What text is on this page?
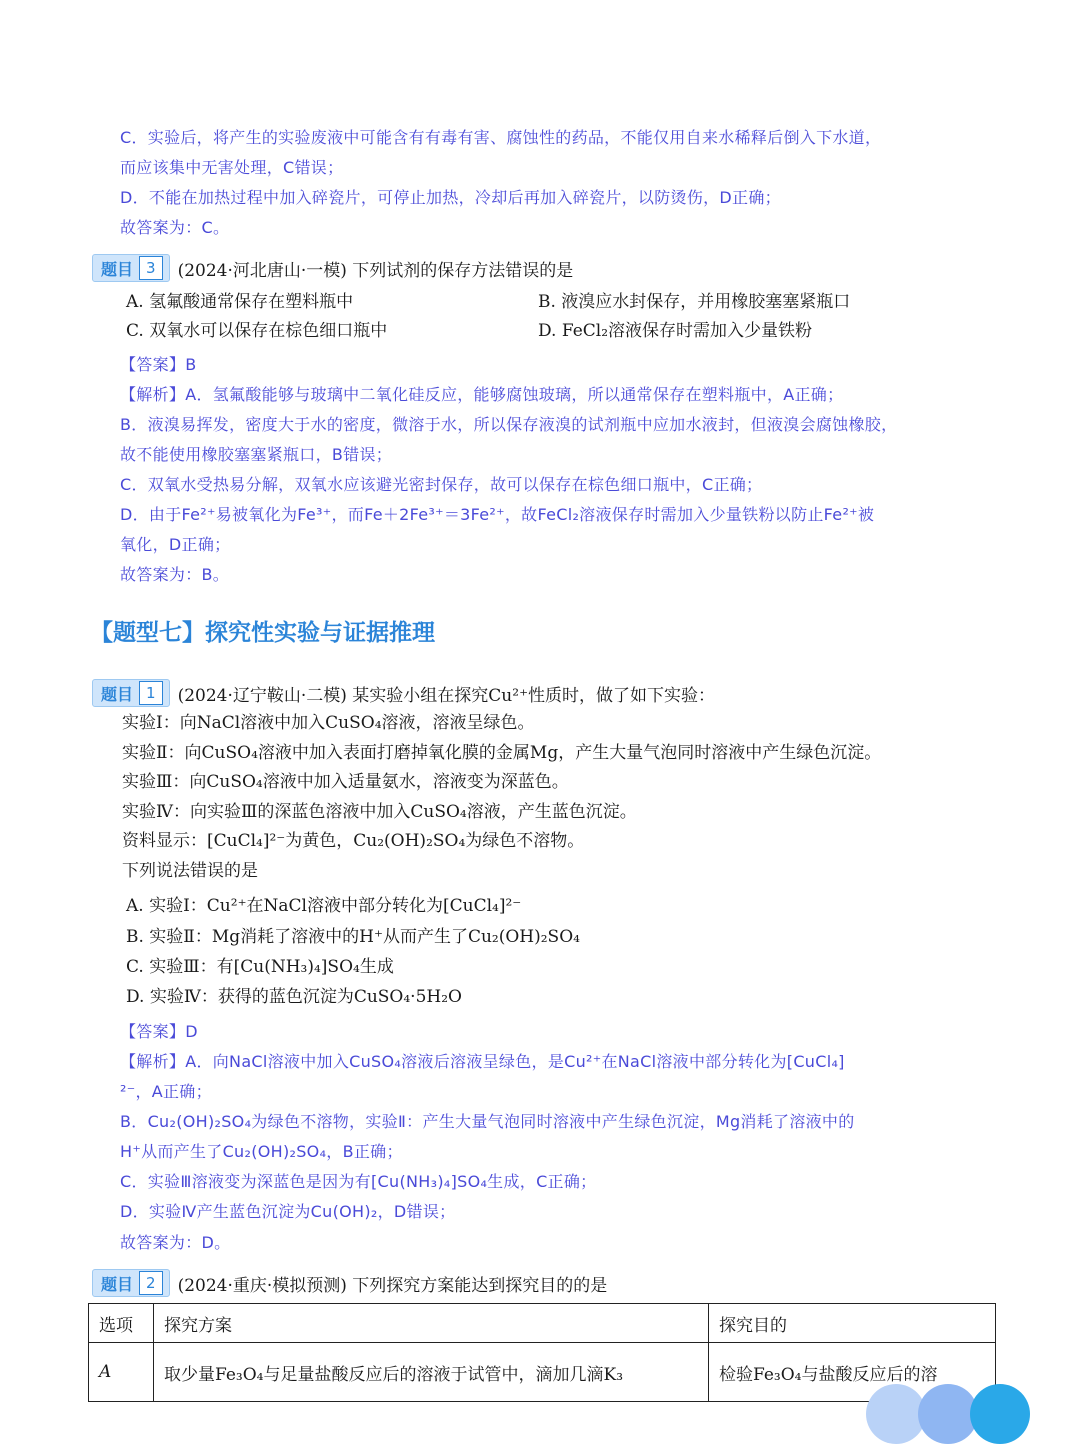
C．实验后，将产生的实验废液中可能含有有毒有害、腐蚀性的药品，不能仅用自来水稀释后倒入下水道，
而应该集中无害处理，C错误；
D．不能在加热过程中加入碎瓷片，可停止加热，冷却后再加入碎瓷片，以防烫伤，D正确；
故答案为：C。
题目 3	(2024·河北唐山·一模) 下列试剂的保存方法错误的是
A. 氢氟酸通常保存在塑料瓶中	B. 液溴应水封保存，并用橡胶塞塞紧瓶口
C. 双氧水可以保存在棕色细口瓶中	D. FeCl₂溶液保存时需加入少量铁粉
【答案】B
【解析】A．氢氟酸能够与玻璃中二氧化硅反应，能够腐蚀玻璃，所以通常保存在塑料瓶中，A正确；
B．液溴易挥发，密度大于水的密度，微溶于水，所以保存液溴的试剂瓶中应加水液封，但液溴会腐蚀橡胶，
故不能使用橡胶塞塞紧瓶口，B错误；
C．双氧水受热易分解，双氧水应该避光密封保存，故可以保存在棕色细口瓶中，C正确；
D．由于Fe²⁺易被氧化为Fe³⁺，而Fe＋2Fe³⁺＝3Fe²⁺，故FeCl₂溶液保存时需加入少量铁粉以防止Fe²⁺被
氧化，D正确；
故答案为：B。
【题型七】探究性实验与证据推理
题目 1	(2024·辽宁鞍山·二模) 某实验小组在探究Cu²⁺性质时，做了如下实验：
实验Ⅰ：向NaCl溶液中加入CuSO₄溶液，溶液呈绿色。
实验Ⅱ：向CuSO₄溶液中加入表面打磨掉氧化膜的金属Mg，产生大量气泡同时溶液中产生绿色沉淀。
实验Ⅲ：向CuSO₄溶液中加入适量氨水，溶液变为深蓝色。
实验Ⅳ：向实验Ⅲ的深蓝色溶液中加入CuSO₄溶液，产生蓝色沉淀。
资料显示：[CuCl₄]²⁻为黄色，Cu₂(OH)₂SO₄为绿色不溶物。
下列说法错误的是
A. 实验Ⅰ：Cu²⁺在NaCl溶液中部分转化为[CuCl₄]²⁻
B. 实验Ⅱ：Mg消耗了溶液中的H⁺从而产生了Cu₂(OH)₂SO₄
C. 实验Ⅲ：有[Cu(NH₃)₄]SO₄生成
D. 实验Ⅳ：获得的蓝色沉淀为CuSO₄·5H₂O
【答案】D
【解析】A．向NaCl溶液中加入CuSO₄溶液后溶液呈绿色，是Cu²⁺在NaCl溶液中部分转化为[CuCl₄]
²⁻，A正确；
B．Cu₂(OH)₂SO₄为绿色不溶物，实验Ⅱ：产生大量气泡同时溶液中产生绿色沉淀，Mg消耗了溶液中的
H⁺从而产生了Cu₂(OH)₂SO₄，B正确；
C．实验Ⅲ溶液变为深蓝色是因为有[Cu(NH₃)₄]SO₄生成，C正确；
D．实验Ⅳ产生蓝色沉淀为Cu(OH)₂，D错误；
故答案为：D。
题目 2	(2024·重庆·模拟预测) 下列探究方案能达到探究目的的是
选项	探究方案	探究目的
A	取少量Fe₃O₄与足量盐酸反应后的溶液于试管中，滴加几滴K₃	检验Fe₃O₄与盐酸反应后的溶
